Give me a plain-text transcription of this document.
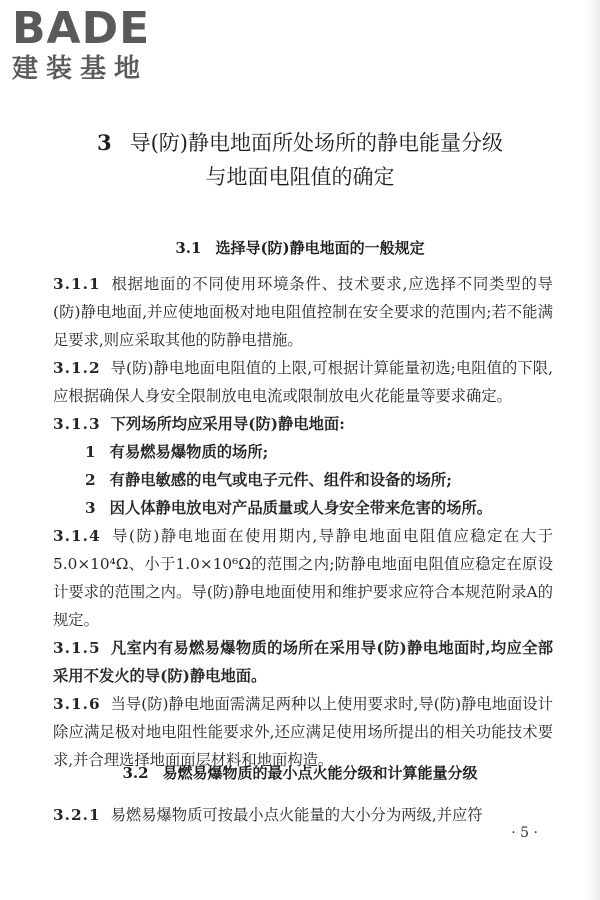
BADE
建装基地
3 导(防)静电地面所处场所的静电能量分级
与地面电阻值的确定
3.1 选择导(防)静电地面的一般规定

3.1.1 根据地面的不同使用环境条件、技术要求,应选择不同类型的导(防)静电地面,并应使地面极对地电阻值控制在安全要求的范围内;若不能满足要求,则应采取其他的防静电措施。

3.1.2 导(防)静电地面电阻值的上限,可根据计算能量初选;电阻值的下限,应根据确保人身安全限制放电电流或限制放电火花能量等要求确定。

3.1.3 下列场所均应采用导(防)静电地面:

1 有易燃易爆物质的场所;

2 有静电敏感的电气或电子元件、组件和设备的场所;

3 因人体静电放电对产品质量或人身安全带来危害的场所。

3.1.4 导(防)静电地面在使用期内,导静电地面电阻值应稳定在大于5.0×10⁴Ω、小于1.0×10⁶Ω的范围之内;防静电地面电阻值应稳定在原设计要求的范围之内。导(防)静电地面使用和维护要求应符合本规范附录A的规定。

3.1.5 凡室内有易燃易爆物质的场所在采用导(防)静电地面时,均应全部采用不发火的导(防)静电地面。

3.1.6 当导(防)静电地面需满足两种以上使用要求时,导(防)静电地面设计除应满足极对地电阻性能要求外,还应满足使用场所提出的相关功能技术要求,并合理选择地面面层材料和地面构造。

3.2 易燃易爆物质的最小点火能分级和计算能量分级

3.2.1 易燃易爆物质可按最小点火能量的大小分为两级,并应符

· 5 ·
